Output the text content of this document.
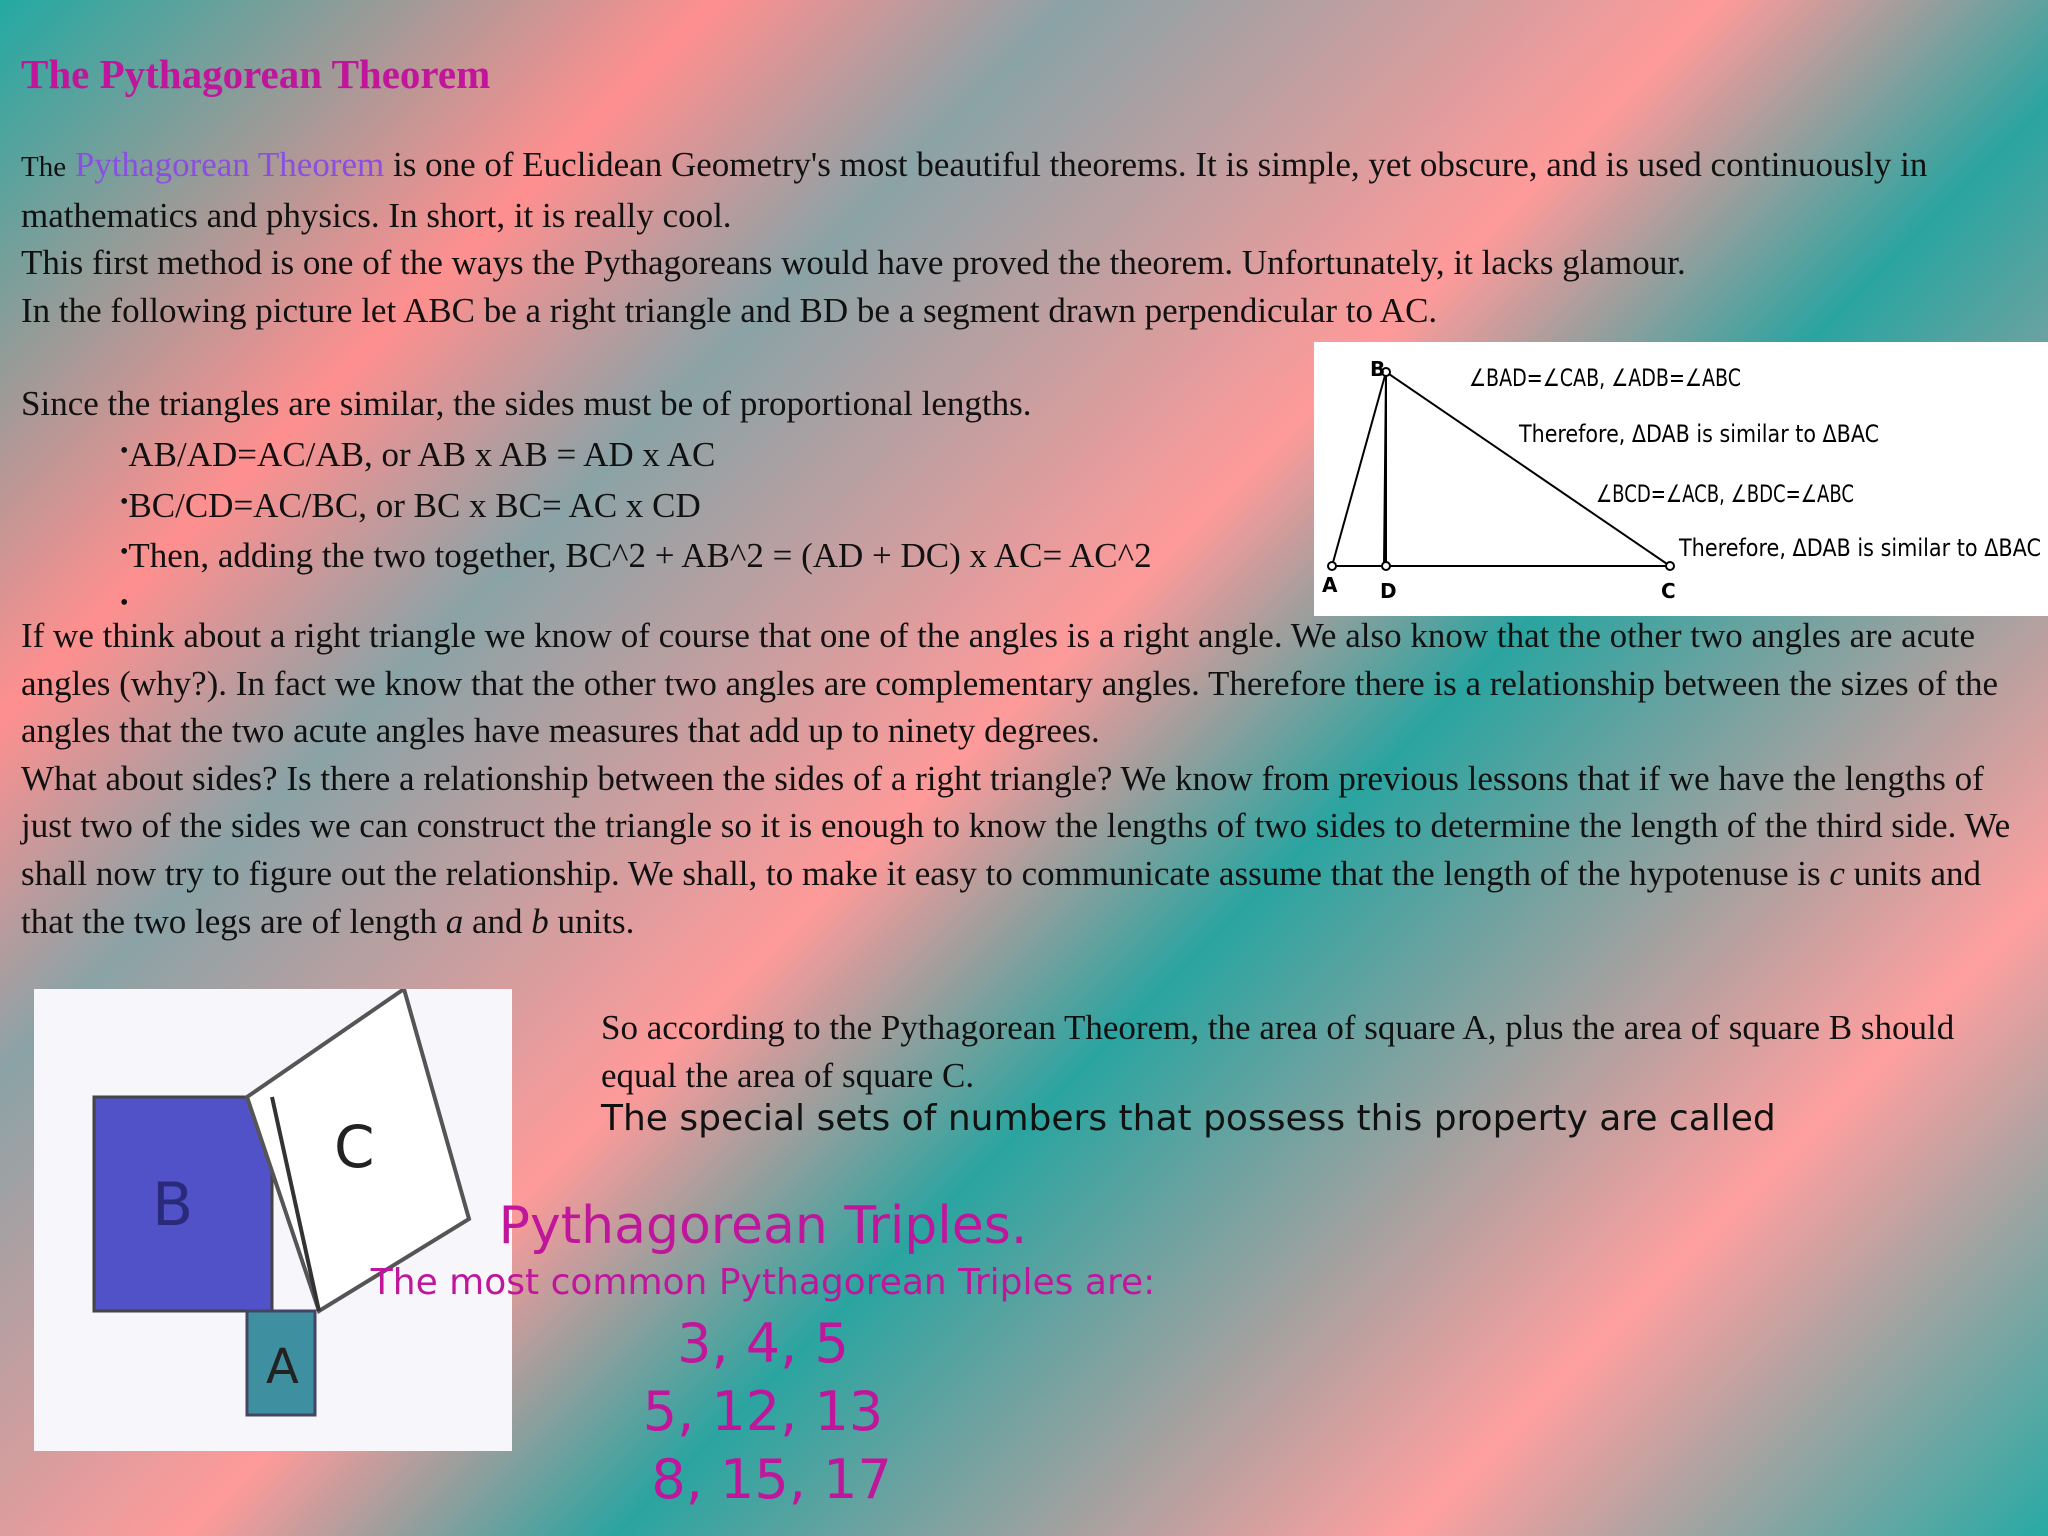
The Pythagorean Theorem

The Pythagorean Theorem is one of Euclidean Geometry's most beautiful theorems. It is simple, yet obscure, and is used continuously in mathematics and physics. In short, it is really cool.
This first method is one of the ways the Pythagoreans would have proved the theorem. Unfortunately, it lacks glamour.
In the following picture let ABC be a right triangle and BD be a segment drawn perpendicular to AC.

Since the triangles are similar, the sides must be of proportional lengths.

• AB/AD=AC/AB, or AB x AB = AD x AC
• BC/CD=AC/BC, or BC x BC= AC x CD
• Then, adding the two together, BC^2 + AB^2 = (AD + DC) x AC= AC^2
•
A
B
C
D
∠BAD=∠CAB, ∠ADB=∠ABC
Therefore, ΔDAB is similar to ΔBAC
∠BCD=∠ACB, ∠BDC=∠ABC
Therefore, ΔDAB is similar to ΔBAC

If we think about a right triangle we know of course that one of the angles is a right angle. We also know that the other two angles are acute angles (why?). In fact we know that the other two angles are complementary angles. Therefore there is a relationship between the sizes of the angles that the two acute angles have measures that add up to ninety degrees.
What about sides? Is there a relationship between the sides of a right triangle? We know from previous lessons that if we have the lengths of just two of the sides we can construct the triangle so it is enough to know the lengths of two sides to determine the length of the third side. We shall now try to figure out the relationship. We shall, to make it easy to communicate assume that the length of the hypotenuse is c units and that the two legs are of length a and b units.

B
C
A
So according to the Pythagorean Theorem, the area of square A, plus the area of square B should equal the area of square C.
The special sets of numbers that possess this property are called
Pythagorean Triples.
The most common Pythagorean Triples are:
3, 4, 5
5, 12, 13
8, 15, 17
